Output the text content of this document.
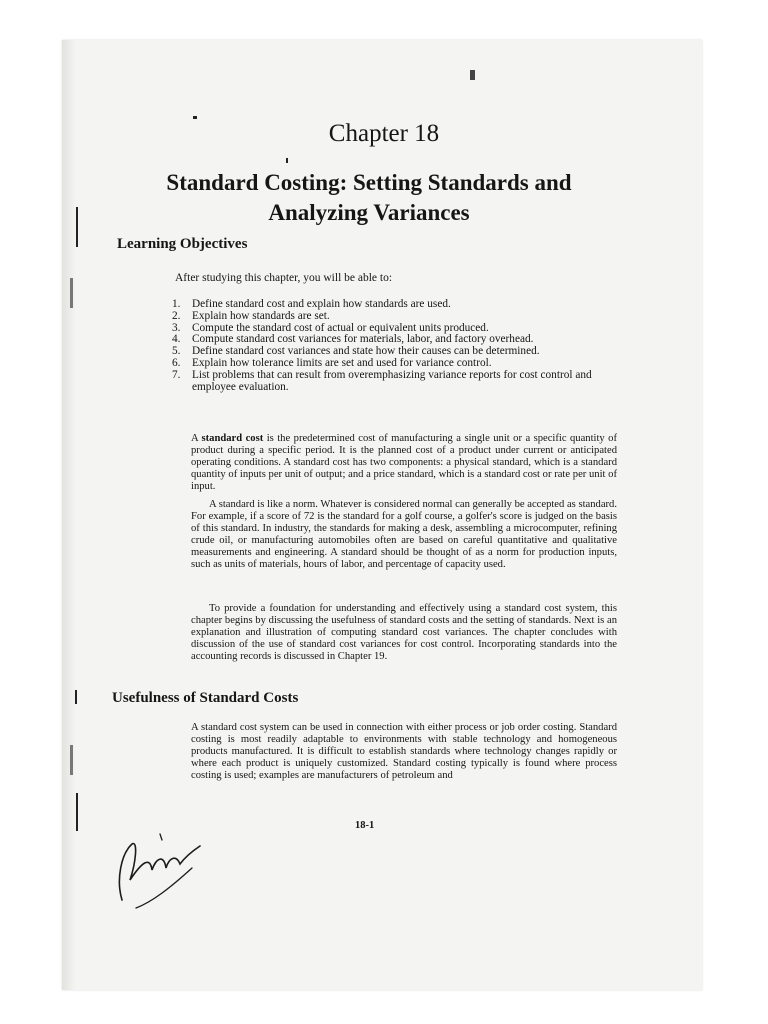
Chapter 18
Standard Costing: Setting Standards and
Analyzing Variances
Learning Objectives
After studying this chapter, you will be able to:
1. Define standard cost and explain how standards are used.
2. Explain how standards are set.
3. Compute the standard cost of actual or equivalent units produced.
4. Compute standard cost variances for materials, labor, and factory overhead.
5. Define standard cost variances and state how their causes can be determined.
6. Explain how tolerance limits are set and used for variance control.
7. List problems that can result from overemphasizing variance reports for cost control and employee evaluation.

A standard cost is the predetermined cost of manufacturing a single unit or a specific quantity of product during a specific period. It is the planned cost of a product under current or anticipated operating conditions. A standard cost has two components: a physical standard, which is a standard quantity of inputs per unit of output; and a price standard, which is a standard cost or rate per unit of input.

A standard is like a norm. Whatever is considered normal can generally be accepted as standard. For example, if a score of 72 is the standard for a golf course, a golfer's score is judged on the basis of this standard. In industry, the standards for making a desk, assembling a microcomputer, refining crude oil, or manufacturing automobiles often are based on careful quantitative and qualitative measurements and engineering. A standard should be thought of as a norm for production inputs, such as units of materials, hours of labor, and percentage of capacity used.

To provide a foundation for understanding and effectively using a standard cost system, this chapter begins by discussing the usefulness of standard costs and the setting of standards. Next is an explanation and illustration of computing standard cost variances. The chapter concludes with discussion of the use of standard cost variances for cost control. Incorporating standards into the accounting records is discussed in Chapter 19.

Usefulness of Standard Costs

A standard cost system can be used in connection with either process or job order costing. Standard costing is most readily adaptable to environments with stable technology and homogeneous products manufactured. It is difficult to establish standards where technology changes rapidly or where each product is uniquely customized. Standard costing typically is found where process costing is used; examples are manufacturers of petroleum and

18-1
